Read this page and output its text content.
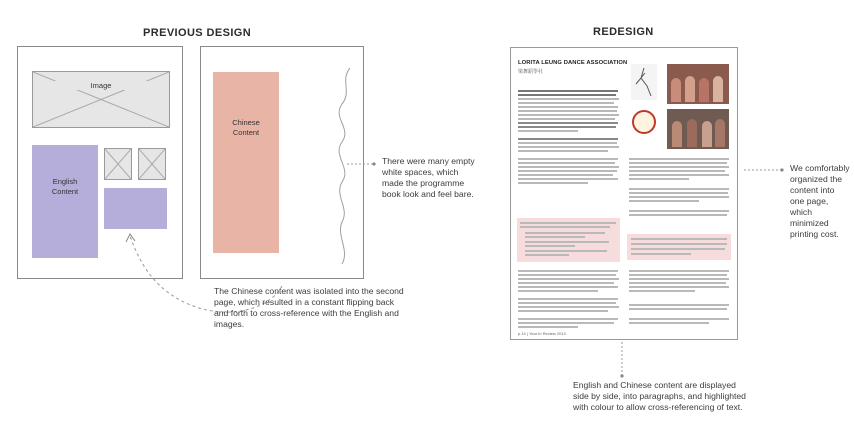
PREVIOUS DESIGN	REDESIGN
Image
English Content
Chinese Content
LORITA LEUNG DANCE ASSOCIATION
梁舞蹈學社
p.14 | Year In Review 2013
There were many empty white spaces, which made the programme book look and feel bare.
The Chinese content was isolated into the second page, which resulted in a constant flipping back and forth to cross-reference with the English and images.
We comfortably organized the content into one page, which minimized printing cost.
English and Chinese content are displayed side by side, into paragraphs, and highlighted with colour to allow cross-referencing of text.
